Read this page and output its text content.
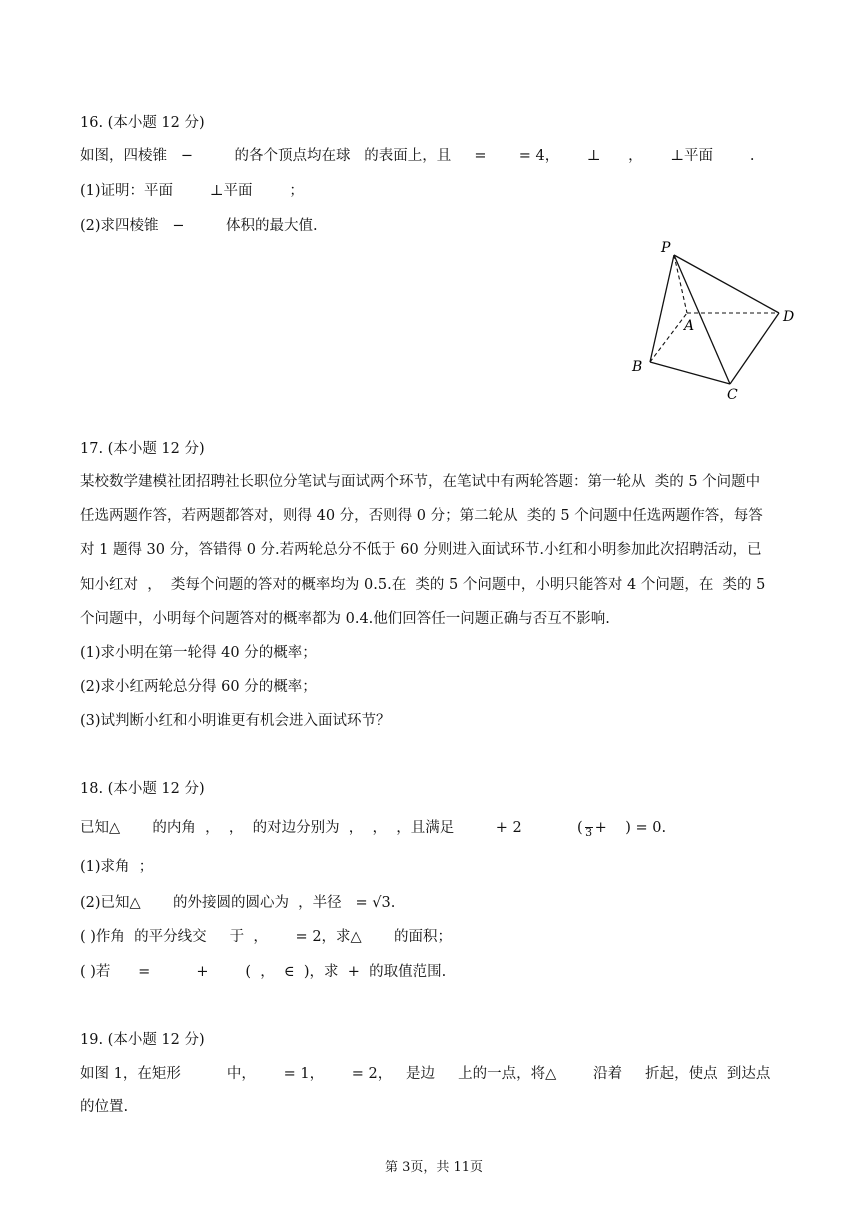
16. (本小题 12 分)
如图，四棱锥   −         的各个顶点均在球   的表面上，且     =       = 4，      ⊥      ，      ⊥平面        .
(1)证明：平面        ⊥平面        ；
(2)求四棱锥   −         体积的最大值.
P
A
B
C
D
17. (本小题 12 分)
某校数学建模社团招聘社长职位分笔试与面试两个环节，在笔试中有两轮答题：第一轮从  类的 5 个问题中
任选两题作答，若两题都答对，则得 40 分，否则得 0 分；第二轮从  类的 5 个问题中任选两题作答，每答
对 1 题得 30 分，答错得 0 分.若两轮总分不低于 60 分则进入面试环节.小红和小明参加此次招聘活动，已
知小红对  ，  类每个问题的答对的概率均为 0.5.在  类的 5 个问题中，小明只能答对 4 个问题，在  类的 5
个问题中，小明每个问题答对的概率都为 0.4.他们回答任一问题正确与否互不影响.
(1)求小明在第一轮得 40 分的概率；
(2)求小红两轮总分得 60 分的概率；
(3)试判断小红和小明谁更有机会进入面试环节？
18. (本小题 12 分)
已知△       的内角  ，  ，  的对边分别为  ，  ，  ，且满足         + 2            ( 3 +    ) = 0.
(1)求角  ；
(2)已知△       的外接圆的圆心为  ，半径   = √3.
( )作角  的平分线交     于  ，      = 2，求△       的面积；
( )若      =          +        (  ，  ∈  )，求  +  的取值范围.
19. (本小题 12 分)
如图 1，在矩形          中，      = 1，      = 2，   是边     上的一点，将△        沿着     折起，使点  到达点
的位置.
第 3页，共 11页
